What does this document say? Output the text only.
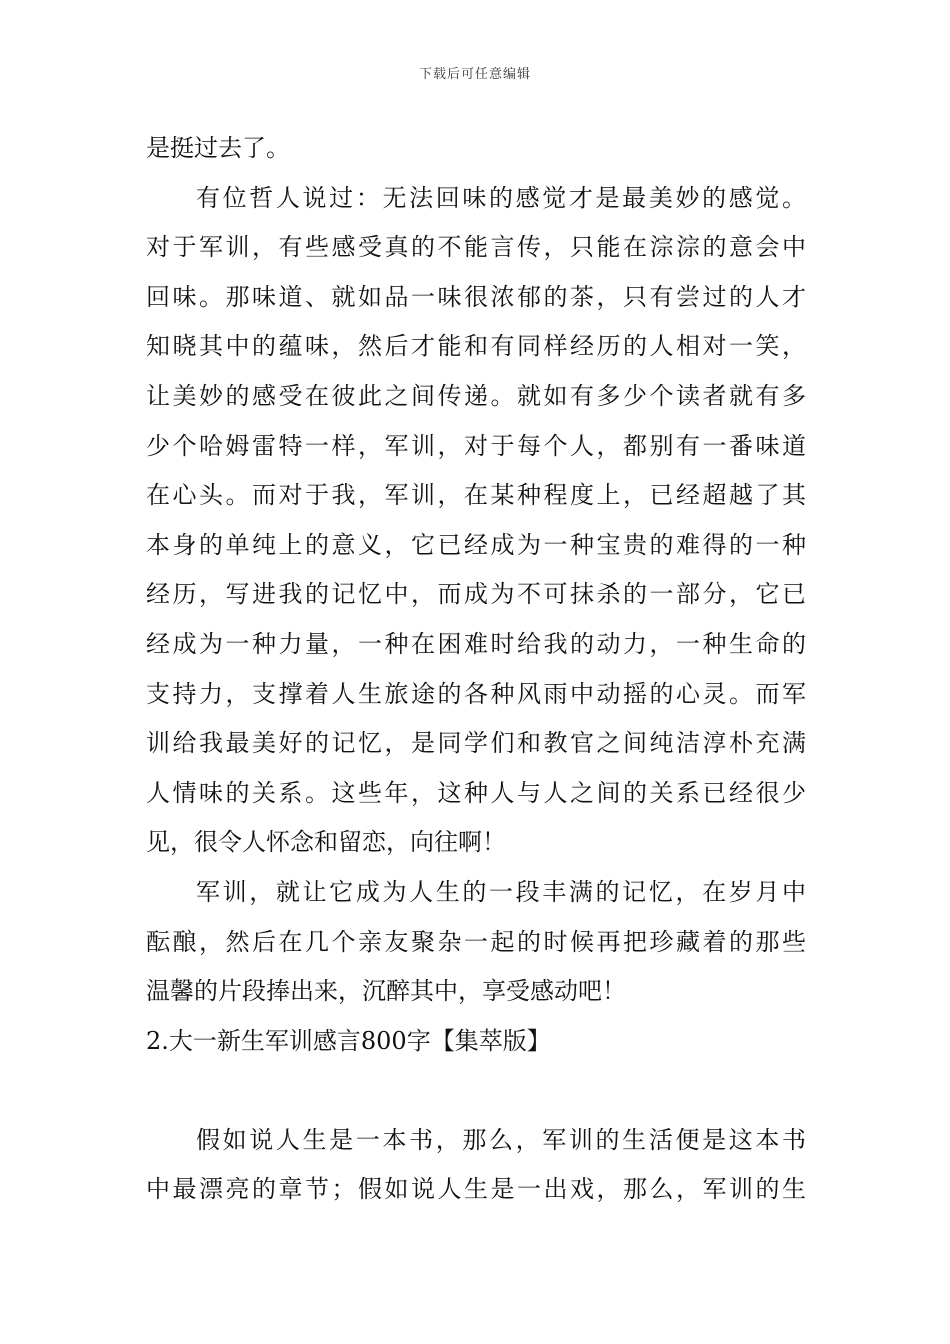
下载后可任意编辑
是挺过去了。
有位哲人说过：无法回味的感觉才是最美妙的感觉。
对于军训，有些感受真的不能言传，只能在淙淙的意会中
回味。那味道、就如品一味很浓郁的茶，只有尝过的人才
知晓其中的蕴味，然后才能和有同样经历的人相对一笑，
让美妙的感受在彼此之间传递。就如有多少个读者就有多
少个哈姆雷特一样，军训，对于每个人，都别有一番味道
在心头。而对于我，军训，在某种程度上，已经超越了其
本身的单纯上的意义，它已经成为一种宝贵的难得的一种
经历，写进我的记忆中，而成为不可抹杀的一部分，它已
经成为一种力量，一种在困难时给我的动力，一种生命的
支持力，支撑着人生旅途的各种风雨中动摇的心灵。而军
训给我最美好的记忆，是同学们和教官之间纯洁淳朴充满
人情味的关系。这些年，这种人与人之间的关系已经很少
见，很令人怀念和留恋，向往啊！
军训，就让它成为人生的一段丰满的记忆，在岁月中
酝酿，然后在几个亲友聚杂一起的时候再把珍藏着的那些
温馨的片段捧出来，沉醉其中，享受感动吧！
2.大一新生军训感言800字【集萃版】
假如说人生是一本书，那么，军训的生活便是这本书
中最漂亮的章节；假如说人生是一出戏，那么，军训的生
